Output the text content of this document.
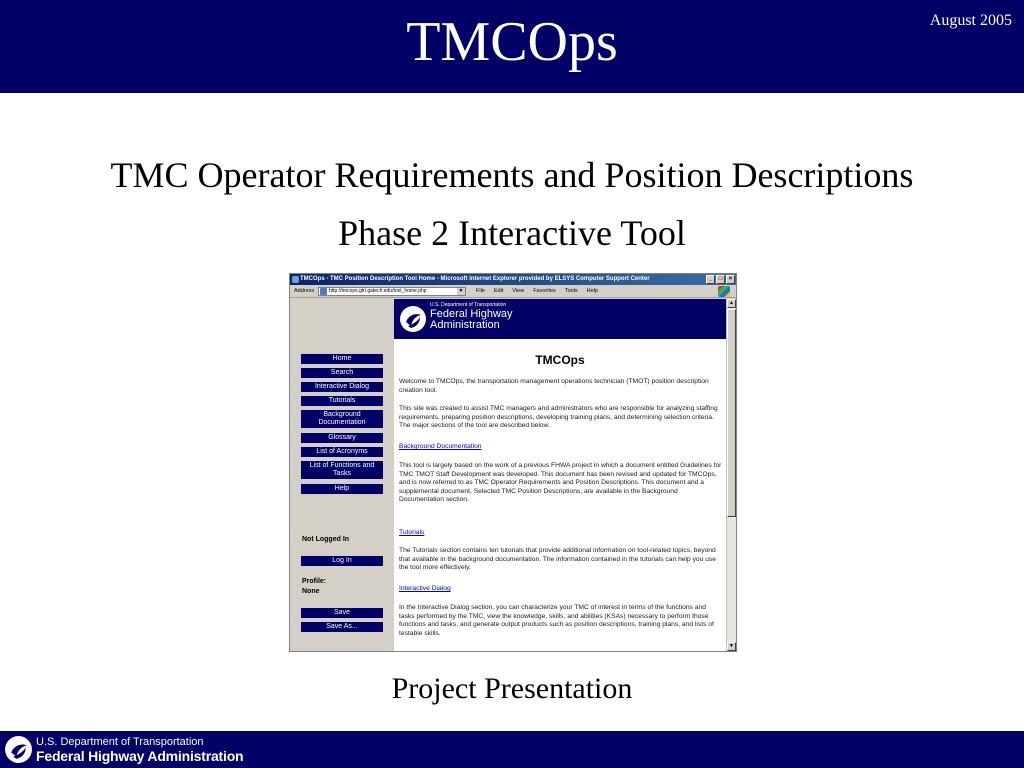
TMCOps	August 2005
TMC Operator Requirements and Position Descriptions
Phase 2 Interactive Tool
TMCOps - TMC Position Description Tool Home - Microsoft Internet Explorer provided by ELSYS Computer Support Center	_	□	×
Address	http://tmcops.gtri.gatech.edu/tool_home.php	▼ File Edit View Favorites Tools Help
Home
Search
Interactive Dialog
Tutorials
Background Documentation
Glossary
List of Acronyms
List of Functions and Tasks
Help
Not Logged In
Log In
Profile:
None
Save
Save As...
U.S. Department of Transportation
Federal Highway
Administration
TMCOps
Welcome to TMCOps, the transportation management operations technician (TMOT) position description creation tool.
This site was created to assist TMC managers and administrators who are responsible for analyzing staffing requirements, preparing position descriptions, developing training plans, and determining selection criteria. The major sections of the tool are described below.
Background Documentation
This tool is largely based on the work of a previous FHWA project in which a document entitled Guidelines for TMC TMOT Staff Development was developed. This document has been revised and updated for TMCOps, and is now referred to as TMC Operator Requirements and Position Descriptions. This document and a supplemental document, Selected TMC Position Descriptions, are available in the Background Documentation section.
Tutorials
The Tutorials section contains ten tutorials that provide additional information on tool-related topics, beyond that available in the background documentation. The information contained in the tutorials can help you use the tool more effectively.
Interactive Dialog
In the Interactive Dialog section, you can characterize your TMC of interest in terms of the functions and tasks performed by the TMC, view the knowledge, skills, and abilities (KSAs) necessary to perform those functions and tasks, and generate output products such as position descriptions, training plans, and lists of testable skills.
▲
▼
Project Presentation
U.S. Department of Transportation
Federal Highway Administration
